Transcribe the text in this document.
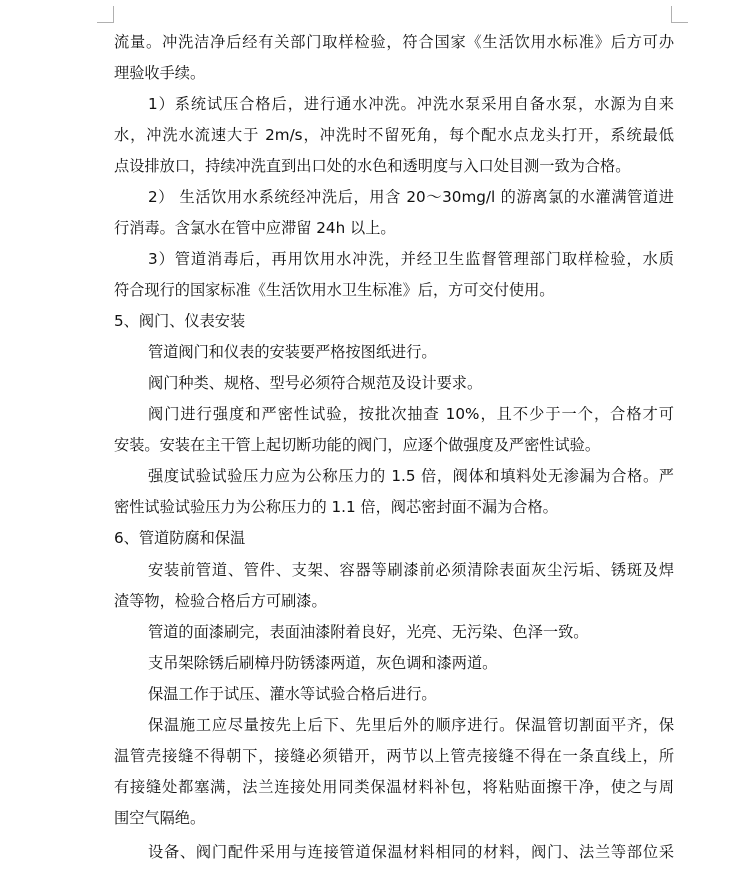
流量。冲洗洁净后经有关部门取样检验，符合国家《生活饮用水标准》后方可办
理验收手续。
1）系统试压合格后，进行通水冲洗。冲洗水泵采用自备水泵，水源为自来
水，冲洗水流速大于 2m/s，冲洗时不留死角，每个配水点龙头打开，系统最低
点设排放口，持续冲洗直到出口处的水色和透明度与入口处目测一致为合格。
2） 生活饮用水系统经冲洗后，用含 20～30mg/l 的游离氯的水灌满管道进
行消毒。含氯水在管中应滞留 24h 以上。
3）管道消毒后，再用饮用水冲洗，并经卫生监督管理部门取样检验，水质
符合现行的国家标准《生活饮用水卫生标准》后，方可交付使用。
5、阀门、仪表安装
管道阀门和仪表的安装要严格按图纸进行。
阀门种类、规格、型号必须符合规范及设计要求。
阀门进行强度和严密性试验，按批次抽查 10%，且不少于一个，合格才可
安装。安装在主干管上起切断功能的阀门，应逐个做强度及严密性试验。
强度试验试验压力应为公称压力的 1.5 倍，阀体和填料处无渗漏为合格。严
密性试验试验压力为公称压力的 1.1 倍，阀芯密封面不漏为合格。
6、管道防腐和保温
安装前管道、管件、支架、容器等刷漆前必须清除表面灰尘污垢、锈斑及焊
渣等物，检验合格后方可刷漆。
管道的面漆刷完，表面油漆附着良好，光亮、无污染、色泽一致。
支吊架除锈后刷樟丹防锈漆两道，灰色调和漆两道。
保温工作于试压、灌水等试验合格后进行。
保温施工应尽量按先上后下、先里后外的顺序进行。保温管切割面平齐，保
温管壳接缝不得朝下，接缝必须错开，两节以上管壳接缝不得在一条直线上，所
有接缝处都塞满，法兰连接处用同类保温材料补包，将粘贴面擦干净，使之与周
围空气隔绝。
设备、阀门配件采用与连接管道保温材料相同的材料，阀门、法兰等部位采
